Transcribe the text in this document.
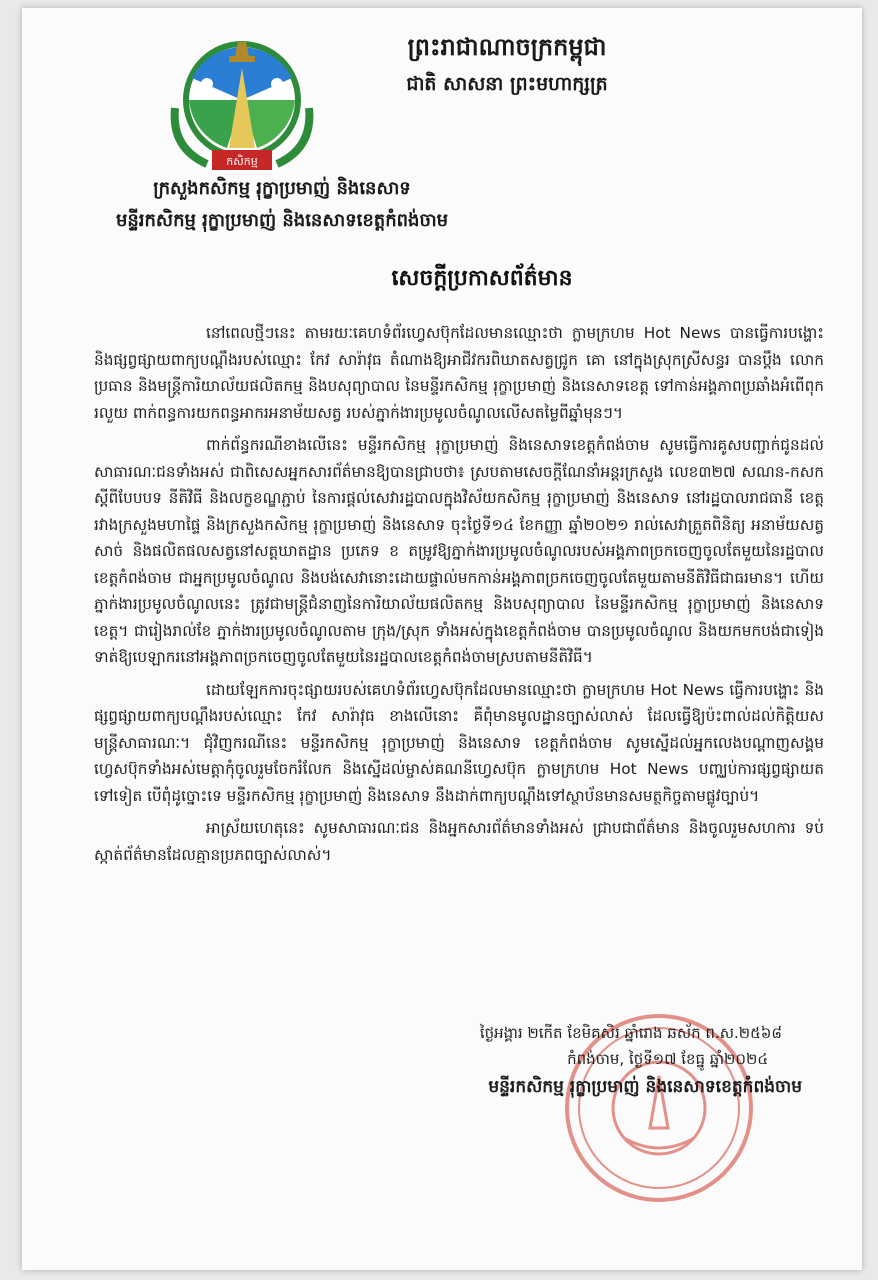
កសិកម្ម

ព្រះរាជាណាចក្រកម្ពុជា

ជាតិ សាសនា ព្រះមហាក្សត្រ

ក្រសួងកសិកម្ម រុក្ខាប្រមាញ់ និងនេសាទ

មន្ទីរកសិកម្ម រុក្ខាប្រមាញ់ និងនេសាទខេត្តកំពង់ចាម

សេចក្តីប្រកាសព័ត៌មាន

នៅពេលថ្មីៗនេះ តាមរយៈគេហទំព័រហ្វេសប៊ុកដែលមានឈ្មោះថា ក្លាមក្រហម Hot News បានធ្វើការបង្ហោះ និងផ្សព្វផ្សាយពាក្យបណ្តឹងរបស់ឈ្មោះ កែវ សារ៉ាវុធ តំណាងឱ្យអាជីវករពិឃាតសត្វជ្រូក គោ នៅក្នុងស្រុកស្រីសន្ធរ បានប្តឹង លោកប្រធាន និងមន្ត្រីការិយាល័យផលិតកម្ម និងបសុព្យាបាល នៃមន្ទីរកសិកម្ម រុក្ខាប្រមាញ់ និងនេសាទខេត្ត ទៅកាន់អង្គភាពប្រឆាំងអំពើពុករលួយ ពាក់ពន្ធការយកពន្ធអាករអនាម័យសត្វ របស់ភ្នាក់ងារប្រមូលចំណូលលើសតម្លៃពីឆ្នាំមុនៗ។

ពាក់ព័ន្ធករណីខាងលើនេះ មន្ទីរកសិកម្ម រុក្ខាប្រមាញ់ និងនេសាទខេត្តកំពង់ចាម សូមធ្វើការគូសបញ្ជាក់ជូនដល់សាធារណៈជនទាំងអស់ ជាពិសេសអ្នកសារព័ត៌មានឱ្យបានជ្រាបថា៖ ស្របតាមសេចក្តីណែនាំអន្តរក្រសួង លេខ៣២៧ សណន-កសក ស្តីពីបែបបទ នីតិវិធី និងលក្ខខណ្ឌភ្ជាប់ នៃការផ្តល់សេវារដ្ឋបាលក្នុងវិស័យកសិកម្ម រុក្ខាប្រមាញ់ និងនេសាទ នៅរដ្ឋបាលរាជធានី ខេត្ត រវាងក្រសួងមហាផ្ទៃ និងក្រសួងកសិកម្ម រុក្ខាប្រមាញ់ និងនេសាទ ចុះថ្ងៃទី១៤ ខែកញ្ញា ឆ្នាំ២០២១ រាល់សេវាត្រួតពិនិត្យ អនាម័យសត្វសាច់ និងផលិតផលសត្វនៅសត្តឃាតដ្ឋាន ប្រភេទ ខ តម្រូវឱ្យភ្នាក់ងារប្រមូលចំណូលរបស់អង្គភាពច្រកចេញចូលតែមួយនៃរដ្ឋបាលខេត្តកំពង់ចាម ជាអ្នកប្រមូលចំណូល និងបង់សេវានោះដោយផ្ទាល់មកកាន់អង្គភាពច្រកចេញចូលតែមួយតាមនីតិវិធីជាធរមាន។ ហើយភ្នាក់ងារប្រមូលចំណូលនេះ ត្រូវជាមន្ត្រីជំនាញនៃការិយាល័យផលិតកម្ម និងបសុព្យាបាល នៃមន្ទីរកសិកម្ម រុក្ខាប្រមាញ់ និងនេសាទខេត្ត។ ជារៀងរាល់ខែ ភ្នាក់ងារប្រមូលចំណូលតាម ក្រុង/ស្រុក ទាំងអស់ក្នុងខេត្តកំពង់ចាម បានប្រមូលចំណូល និងយកមកបង់ជាទៀងទាត់ឱ្យបេឡាករនៅអង្គភាពច្រកចេញចូលតែមួយនៃរដ្ឋបាលខេត្តកំពង់ចាមស្របតាមនីតិវិធី។

ដោយឡែកការចុះផ្សាយរបស់គេហទំព័រហ្វេសប៊ុកដែលមានឈ្មោះថា ក្លាមក្រហម Hot News ធ្វើការបង្ហោះ និងផ្សព្វផ្សាយពាក្យបណ្តឹងរបស់ឈ្មោះ កែវ សារ៉ាវុធ ខាងលើនោះ គឺពុំមានមូលដ្ឋានច្បាស់លាស់ ដែលធ្វើឱ្យប៉ះពាល់ដល់កិត្តិយសមន្ត្រីសាធារណៈ។ ជុំវិញករណីនេះ មន្ទីរកសិកម្ម រុក្ខាប្រមាញ់ និងនេសាទ ខេត្តកំពង់ចាម សូមស្នើដល់អ្នកលេងបណ្តាញសង្គមហ្វេសប៊ុកទាំងអស់មេត្តាកុំចូលរួមចែករំលែក និងស្នើដល់ម្ចាស់គណនីហ្វេសប៊ុក ក្លាមក្រហម Hot News បញ្ឈប់ការផ្សព្វផ្សាយតទៅទៀត បើពុំដូច្នោះទេ មន្ទីរកសិកម្ម រុក្ខាប្រមាញ់ និងនេសាទ នឹងដាក់ពាក្យបណ្តឹងទៅស្ថាប័នមានសមត្ថកិច្ចតាមផ្លូវច្បាប់។

អាស្រ័យហេតុនេះ សូមសាធារណៈជន និងអ្នកសារព័ត៌មានទាំងអស់ ជ្រាបជាព័ត៌មាន និងចូលរួមសហការ ទប់ស្កាត់ព័ត៌មានដែលគ្មានប្រភពច្បាស់លាស់។

ថ្ងៃអង្គារ ២កើត ខែមិគសិរ ឆ្នាំរោង ឆស័ក ព.ស.២៥៦៨
កំពង់ចាម, ថ្ងៃទី១៧ ខែធ្នូ ឆ្នាំ២០២៤
មន្ទីរកសិកម្ម រុក្ខាប្រមាញ់ និងនេសាទខេត្តកំពង់ចាម
